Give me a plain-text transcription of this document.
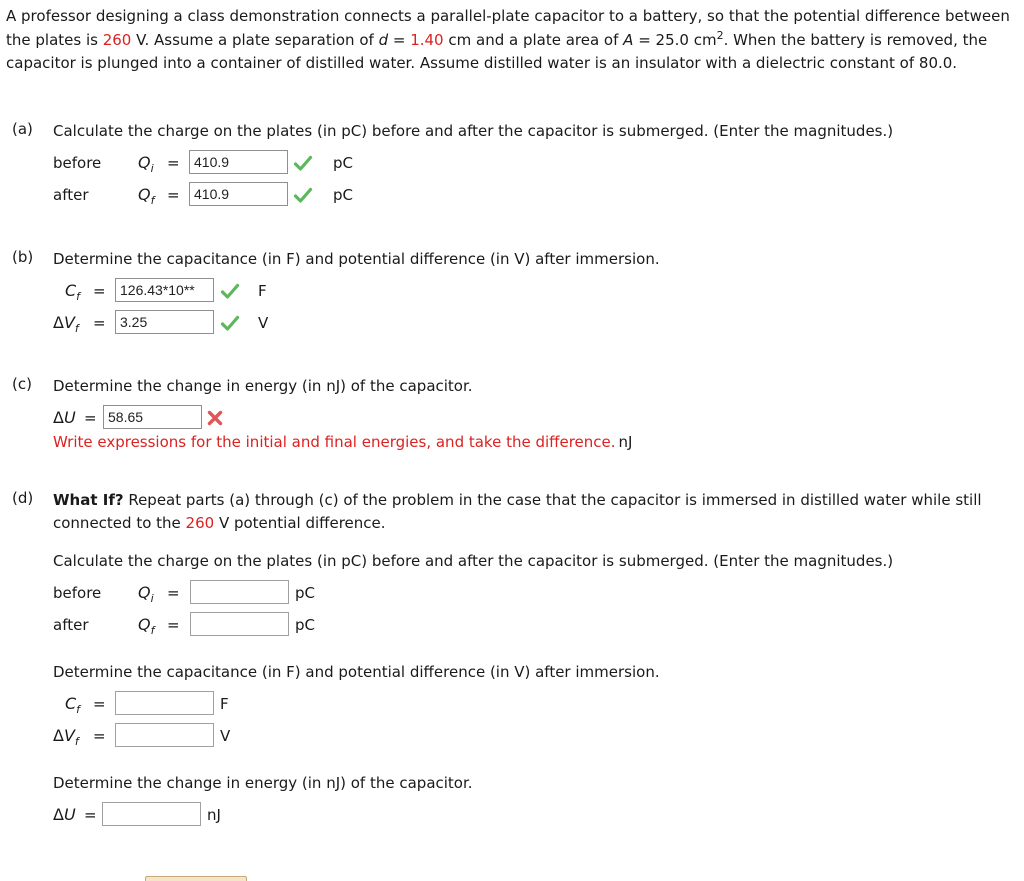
A professor designing a class demonstration connects a parallel-plate capacitor to a battery, so that the potential difference between the plates is 260 V. Assume a plate separation of d = 1.40 cm and a plate area of A = 25.0 $cm^2$. When the battery is removed, the capacitor is plunged into a container of distilled water. Assume distilled water is an insulator with a dielectric constant of 80.0.
(a) Calculate the charge on the plates (in pC) before and after the capacitor is submerged. (Enter the magnitudes.)
before $Q_i$ =	410.9	pC
after	$Q_f$ =	410.9	pC
(b) Determine the capacitance (in F) and potential difference (in V) after immersion.
$C_f$ =	126.43*10**	F
$\Delta V_f$ =	3.25	V
(c) Determine the change in energy (in nJ) of the capacitor.
ΔU = 58.65
Write expressions for the initial and final energies, and take the difference. nJ
(d) What If? Repeat parts (a) through (c) of the problem in the case that the capacitor is immersed in distilled water while still connected to the 260 V potential difference.
Calculate the charge on the plates (in pC) before and after the capacitor is submerged. (Enter the magnitudes.)
before $Q_i$ =	pC
after	$Q_f$ =	pC
Determine the capacitance (in F) and potential difference (in V) after immersion.
$C_f$ =	F
$\Delta V_f$ =	V
Determine the change in energy (in nJ) of the capacitor.
ΔU =	nJ
